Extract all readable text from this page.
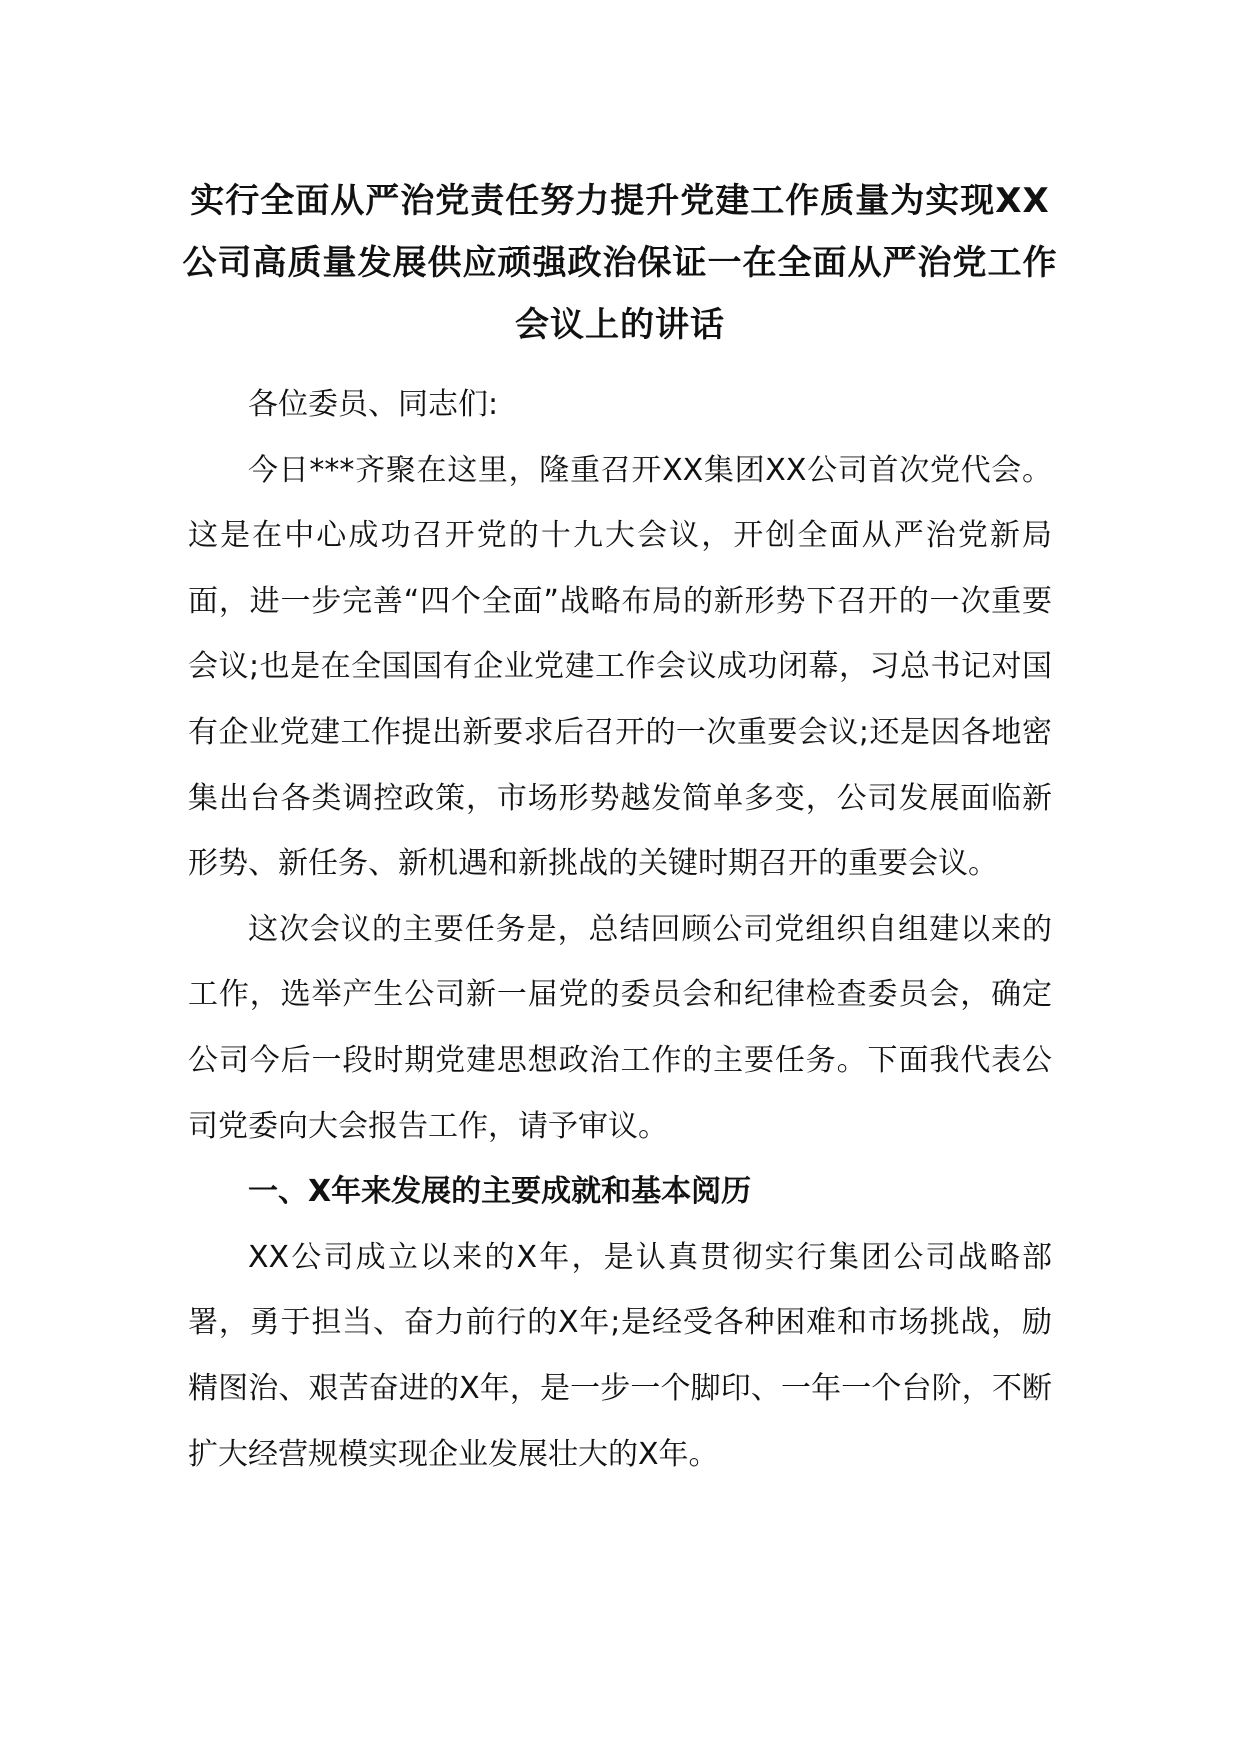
实行全面从严治党责任努力提升党建工作质量为实现XX公司高质量发展供应顽强政治保证一在全面从严治党工作会议上的讲话

各位委员、同志们:

今日***齐聚在这里，隆重召开XX集团XX公司首次党代会。这是在中心成功召开党的十九大会议，开创全面从严治党新局面，进一步完善“四个全面”战略布局的新形势下召开的一次重要会议;也是在全国国有企业党建工作会议成功闭幕，习总书记对国有企业党建工作提出新要求后召开的一次重要会议;还是因各地密集出台各类调控政策，市场形势越发简单多变，公司发展面临新形势、新任务、新机遇和新挑战的关键时期召开的重要会议。

这次会议的主要任务是，总结回顾公司党组织自组建以来的工作，选举产生公司新一届党的委员会和纪律检查委员会，确定公司今后一段时期党建思想政治工作的主要任务。下面我代表公司党委向大会报告工作，请予审议。

一、X年来发展的主要成就和基本阅历

XX公司成立以来的X年，是认真贯彻实行集团公司战略部署，勇于担当、奋力前行的X年;是经受各种困难和市场挑战，励精图治、艰苦奋进的X年，是一步一个脚印、一年一个台阶，不断扩大经营规模实现企业发展壮大的X年。
